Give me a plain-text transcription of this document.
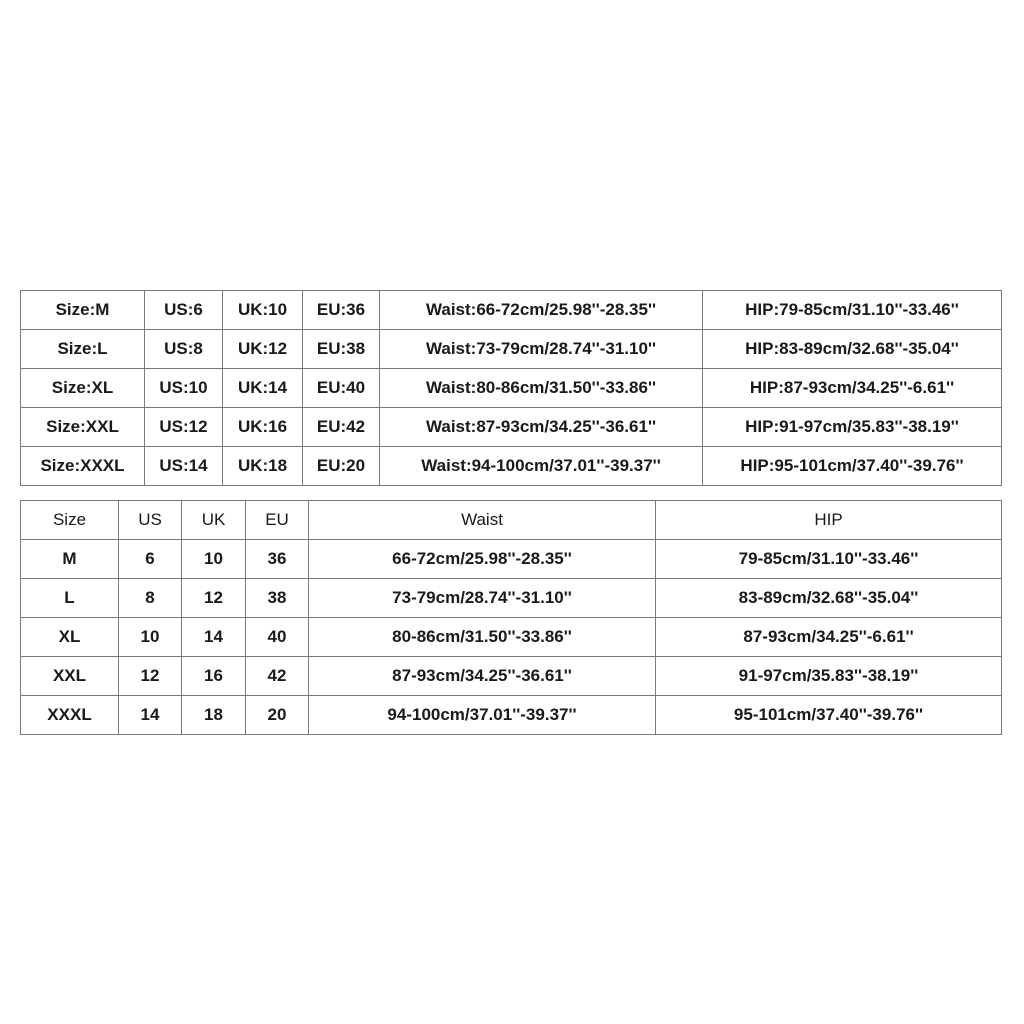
Size:M	US:6	UK:10	EU:36	Waist:66-72cm/25.98''-28.35''	HIP:79-85cm/31.10''-33.46''
Size:L	US:8	UK:12	EU:38	Waist:73-79cm/28.74''-31.10''	HIP:83-89cm/32.68''-35.04''
Size:XL	US:10	UK:14	EU:40	Waist:80-86cm/31.50''-33.86''	HIP:87-93cm/34.25''-6.61''
Size:XXL	US:12	UK:16	EU:42	Waist:87-93cm/34.25''-36.61''	HIP:91-97cm/35.83''-38.19''
Size:XXXL	US:14	UK:18	EU:20	Waist:94-100cm/37.01''-39.37''	HIP:95-101cm/37.40''-39.76''
Size	US	UK	EU	Waist	HIP
M	6	10	36	66-72cm/25.98''-28.35''	79-85cm/31.10''-33.46''
L	8	12	38	73-79cm/28.74''-31.10''	83-89cm/32.68''-35.04''
XL	10	14	40	80-86cm/31.50''-33.86''	87-93cm/34.25''-6.61''
XXL	12	16	42	87-93cm/34.25''-36.61''	91-97cm/35.83''-38.19''
XXXL	14	18	20	94-100cm/37.01''-39.37''	95-101cm/37.40''-39.76''
